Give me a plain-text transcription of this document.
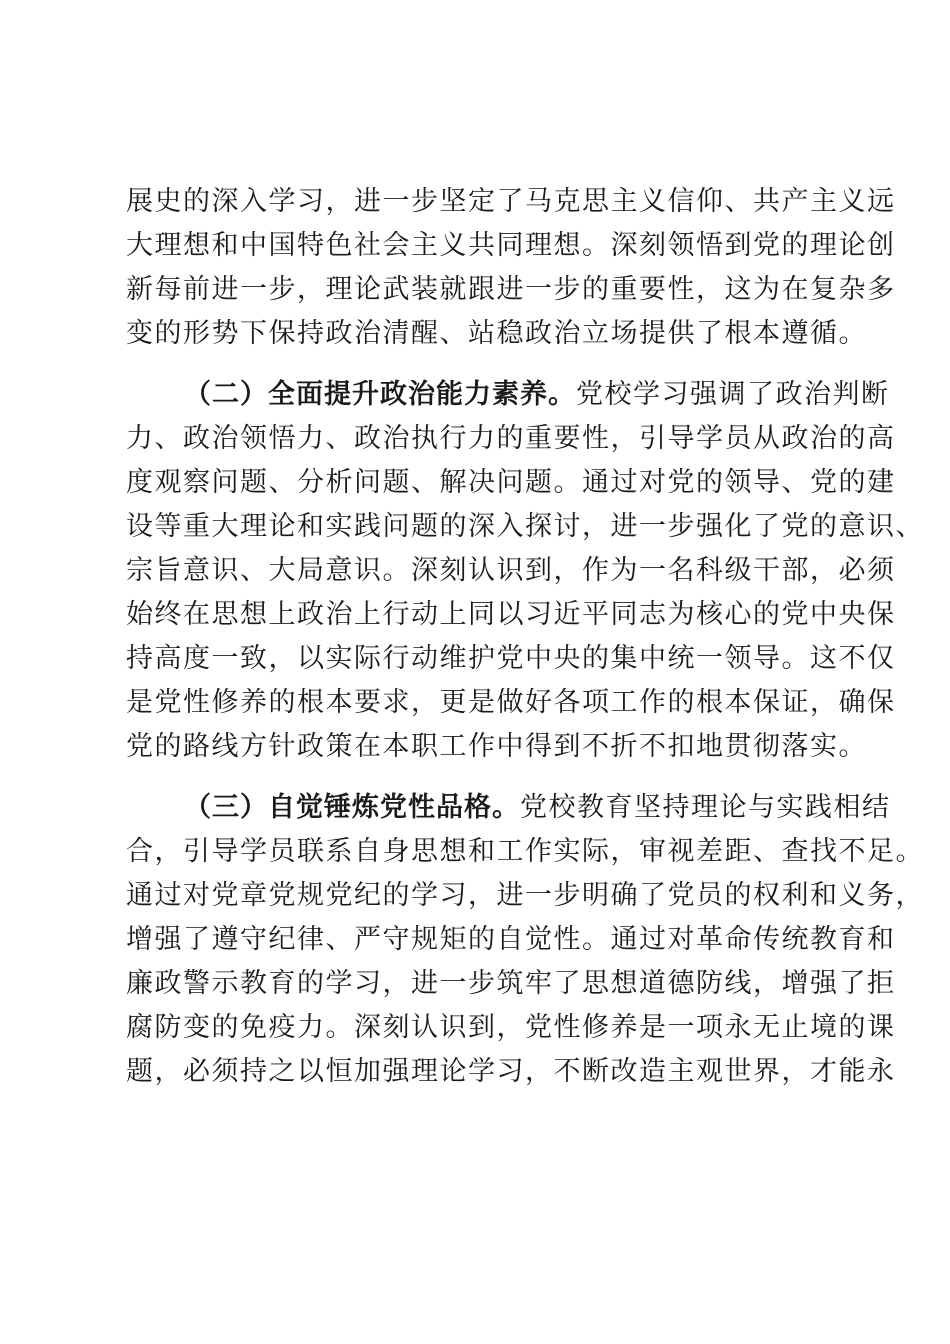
展史的深入学习，进一步坚定了马克思主义信仰、共产主义远
大理想和中国特色社会主义共同理想。深刻领悟到党的理论创
新每前进一步，理论武装就跟进一步的重要性，这为在复杂多
变的形势下保持政治清醒、站稳政治立场提供了根本遵循。
（二）全面提升政治能力素养。党校学习强调了政治判断
力、政治领悟力、政治执行力的重要性，引导学员从政治的高
度观察问题、分析问题、解决问题。通过对党的领导、党的建
设等重大理论和实践问题的深入探讨，进一步强化了党的意识、
宗旨意识、大局意识。深刻认识到，作为一名科级干部，必须
始终在思想上政治上行动上同以习近平同志为核心的党中央保
持高度一致，以实际行动维护党中央的集中统一领导。这不仅
是党性修养的根本要求，更是做好各项工作的根本保证，确保
党的路线方针政策在本职工作中得到不折不扣地贯彻落实。
（三）自觉锤炼党性品格。党校教育坚持理论与实践相结
合，引导学员联系自身思想和工作实际，审视差距、查找不足。
通过对党章党规党纪的学习，进一步明确了党员的权利和义务，
增强了遵守纪律、严守规矩的自觉性。通过对革命传统教育和
廉政警示教育的学习，进一步筑牢了思想道德防线，增强了拒
腐防变的免疫力。深刻认识到，党性修养是一项永无止境的课
题，必须持之以恒加强理论学习，不断改造主观世界，才能永
